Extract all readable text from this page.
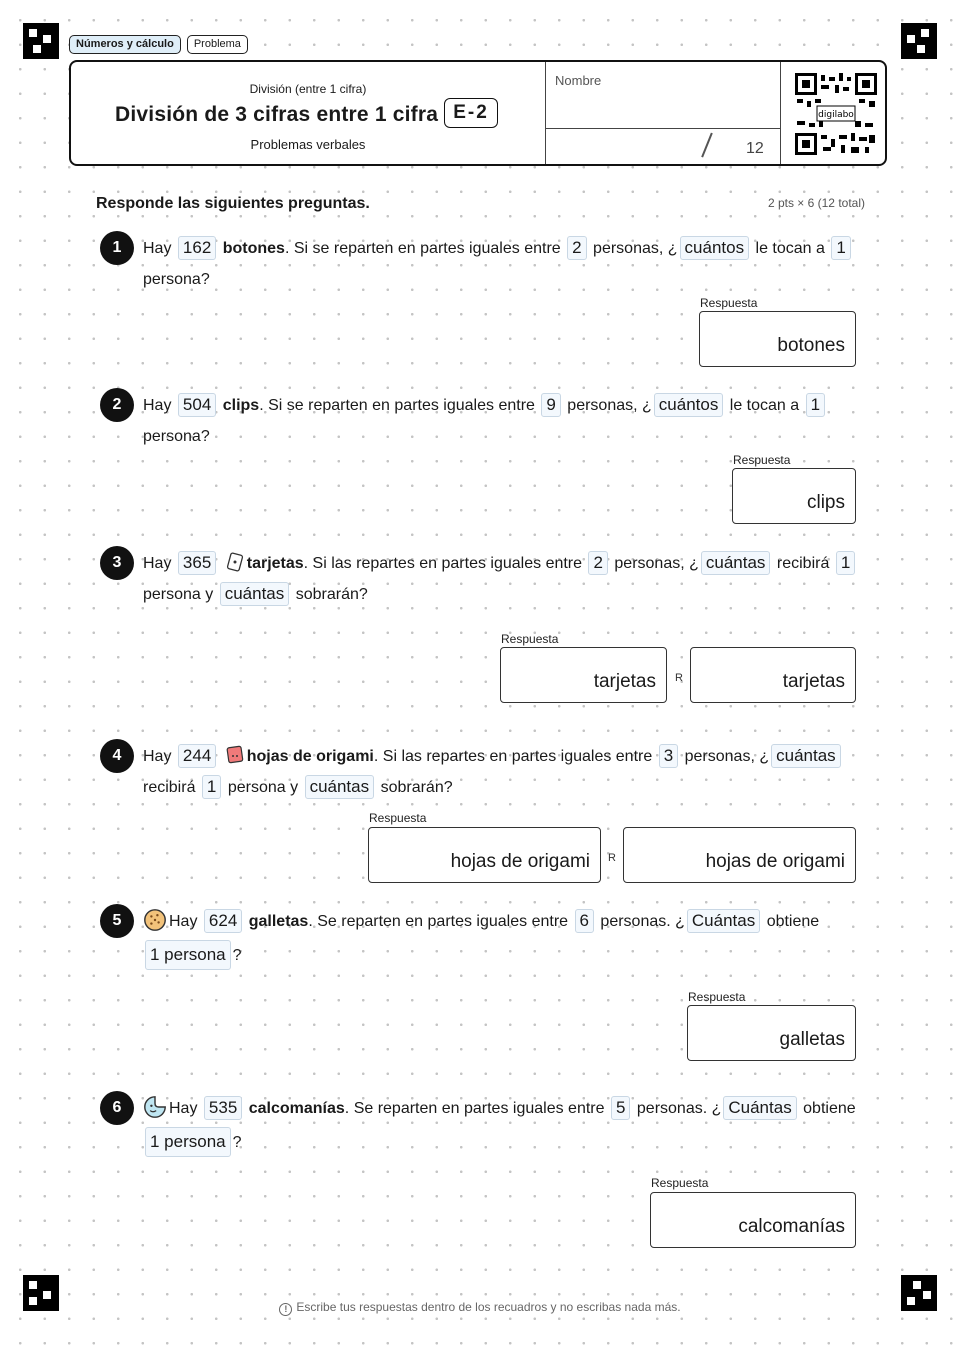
Números y cálculo	Problema
División (entre 1 cifra)
División de 3 cifras entre 1 cifra E-2
Problemas verbales
Nombre
12
digilabo
Responde las siguientes preguntas.	2 pts × 6 (12 total)
1	Hay 162 botones. Si se reparten en partes iguales entre 2 personas, ¿ cuántos le tocan a 1 persona?
Respuesta
botones
2	Hay 504 clips. Si se reparten en partes iguales entre 9 personas, ¿ cuántos le tocan a 1 persona?
Respuesta
clips
3	Hay 365 tarjetas. Si las repartes en partes iguales entre 2 personas, ¿ cuántas recibirá 1 persona y cuántas sobrarán?
Respuesta
tarjetas	R	tarjetas
4	Hay 244 hojas de origami. Si las repartes en partes iguales entre 3 personas, ¿ cuántas recibirá 1 persona y cuántas sobrarán?
Respuesta
hojas de origami	R	hojas de origami
5	Hay 624 galletas. Se reparten en partes iguales entre 6 personas. ¿ Cuántas obtiene
1 persona ?
Respuesta
galletas
6	Hay 535 calcomanías. Se reparten en partes iguales entre 5 personas. ¿ Cuántas obtiene
1 persona ?
Respuesta
calcomanías
! Escribe tus respuestas dentro de los recuadros y no escribas nada más.
